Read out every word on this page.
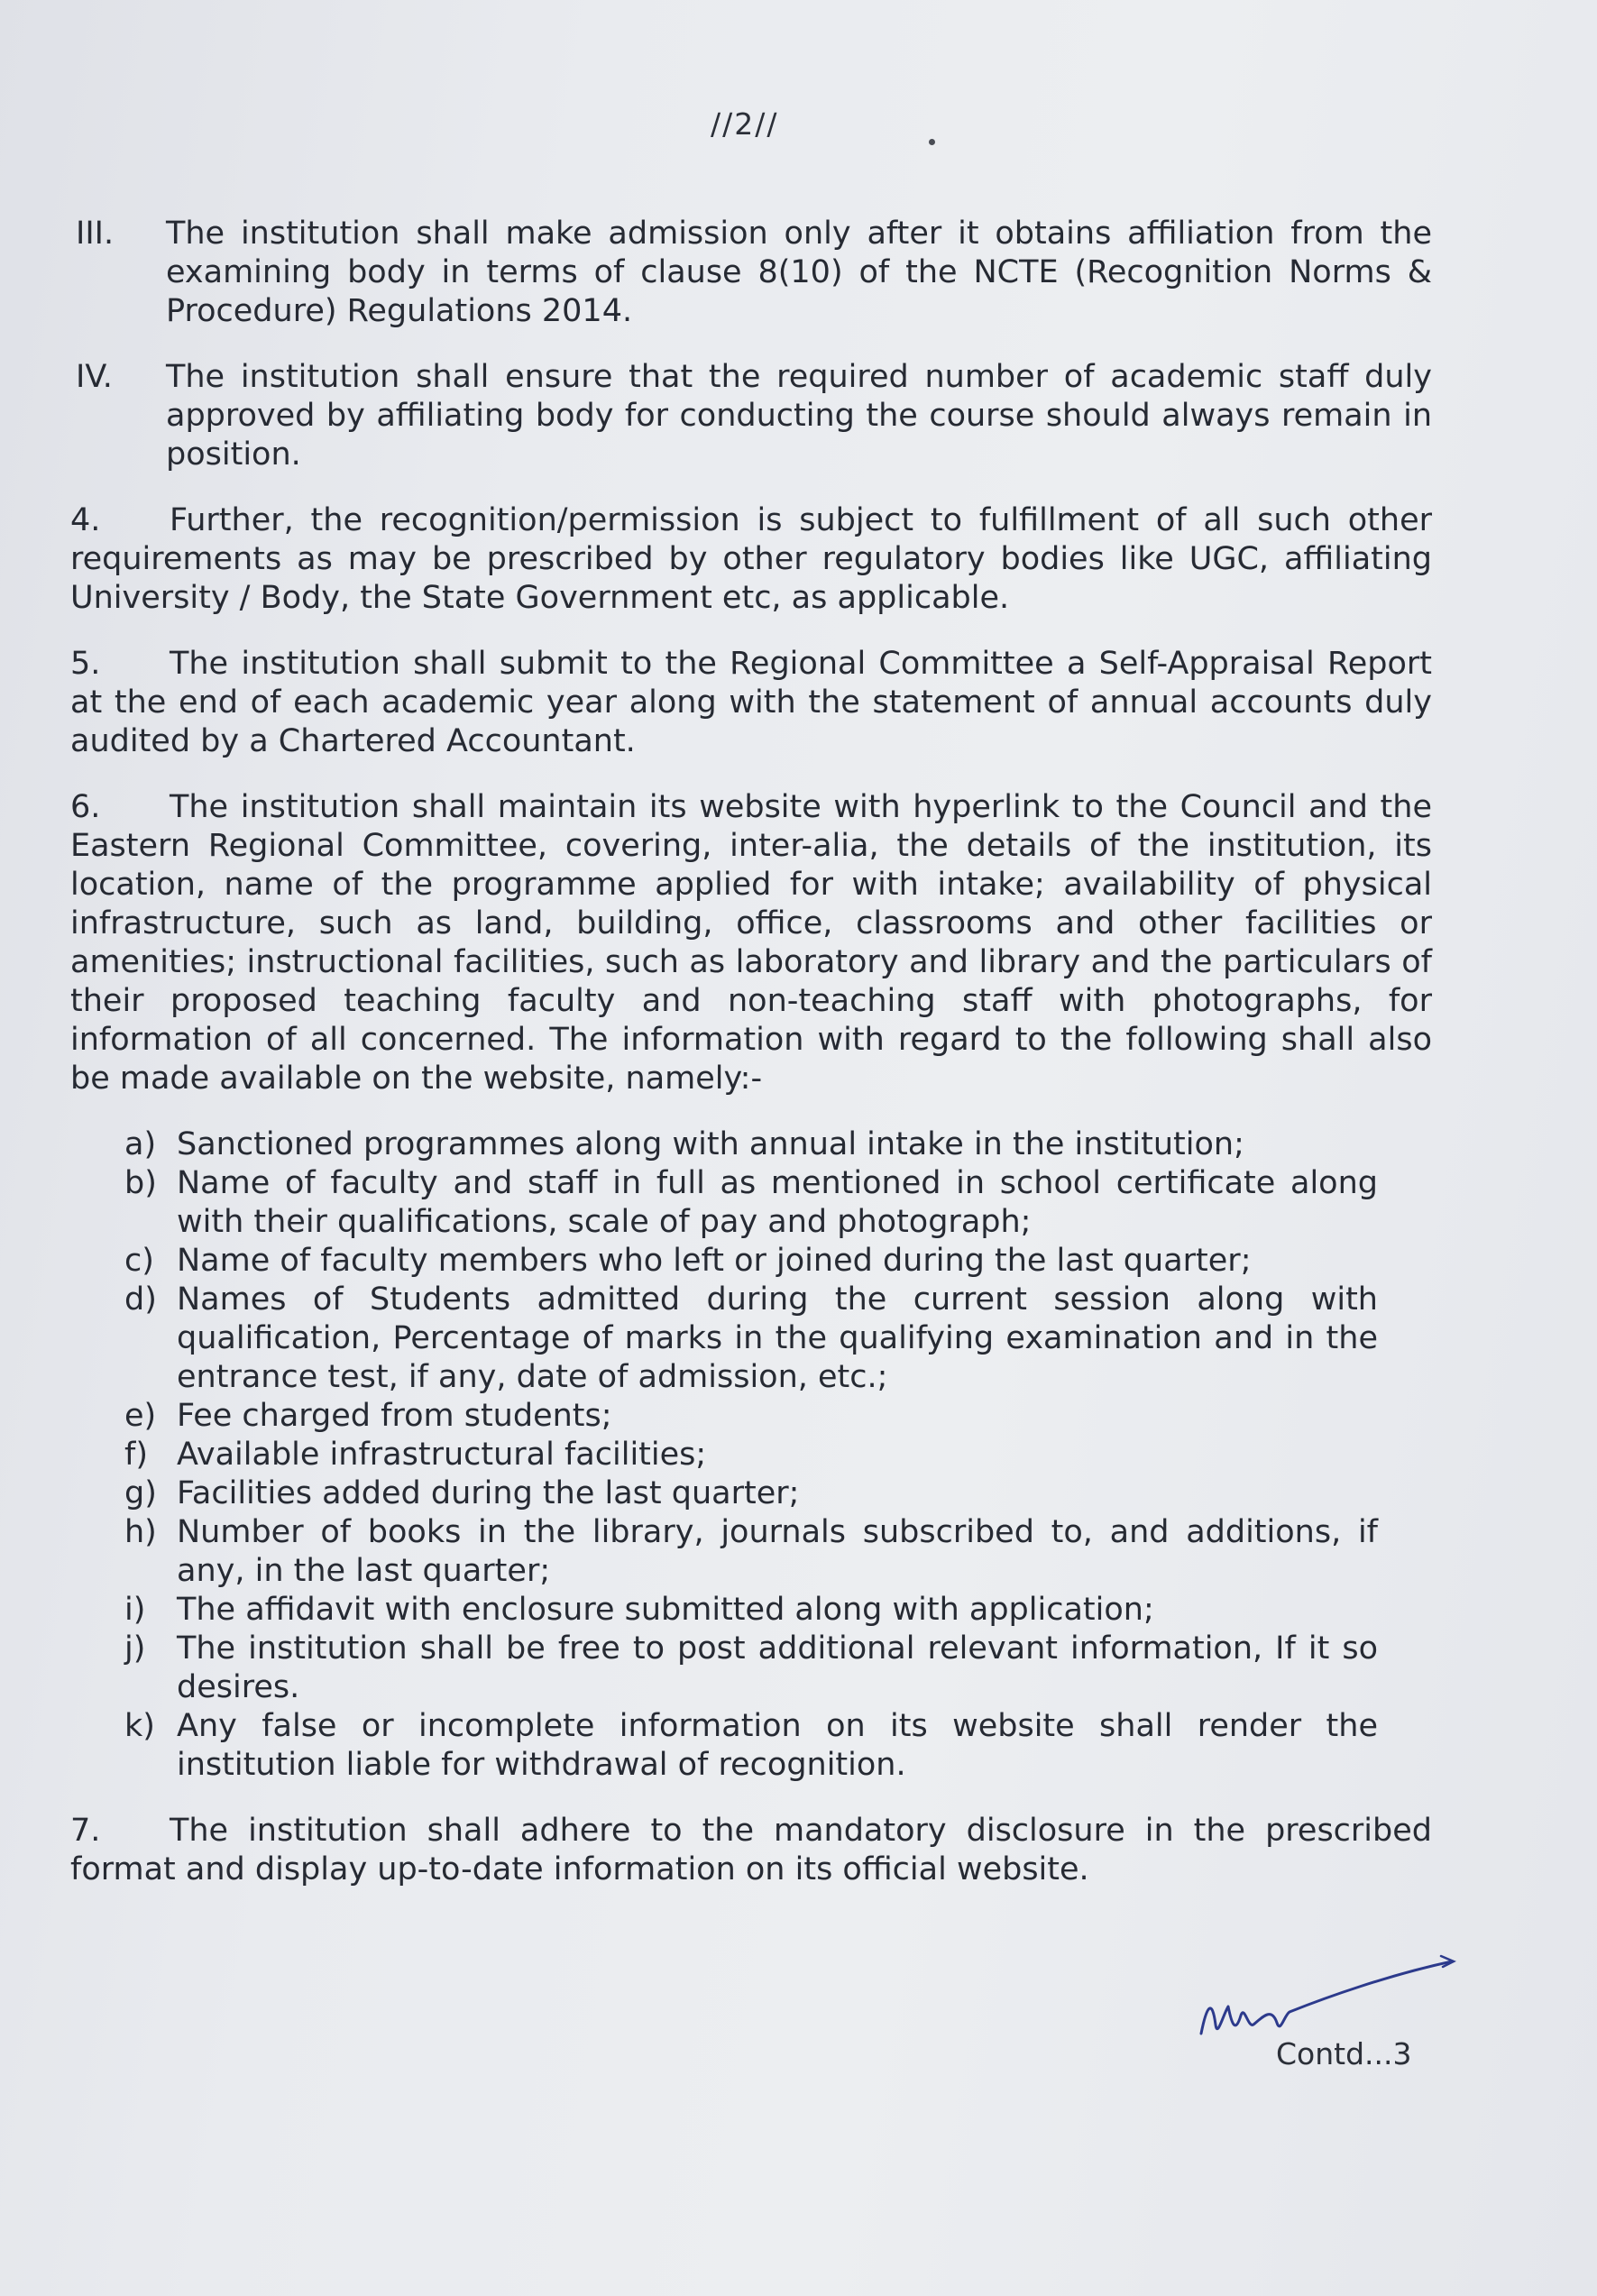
//2//
III.	The institution shall make admission only after it obtains affiliation from the examining body in terms of clause 8(10) of the NCTE (Recognition Norms & Procedure) Regulations 2014.
IV.	The institution shall ensure that the required number of academic staff duly approved by affiliating body for conducting the course should always remain in position.
4. Further, the recognition/permission is subject to fulfillment of all such other requirements as may be prescribed by other regulatory bodies like UGC, affiliating University / Body, the State Government etc, as applicable.
5. The institution shall submit to the Regional Committee a Self-Appraisal Report at the end of each academic year along with the statement of annual accounts duly audited by a Chartered Accountant.
6. The institution shall maintain its website with hyperlink to the Council and the Eastern Regional Committee, covering, inter-alia, the details of the institution, its location, name of the programme applied for with intake; availability of physical infrastructure, such as land, building, office, classrooms and other facilities or amenities; instructional facilities, such as laboratory and library and the particulars of their proposed teaching faculty and non-teaching staff with photographs, for information of all concerned. The information with regard to the following shall also be made available on the website, namely:-
a) Sanctioned programmes along with annual intake in the institution;
b) Name of faculty and staff in full as mentioned in school certificate along with their qualifications, scale of pay and photograph;
c) Name of faculty members who left or joined during the last quarter;
d) Names of Students admitted during the current session along with qualification, Percentage of marks in the qualifying examination and in the entrance test, if any, date of admission, etc.;
e) Fee charged from students;
f) Available infrastructural facilities;
g) Facilities added during the last quarter;
h) Number of books in the library, journals subscribed to, and additions, if any, in the last quarter;
i) The affidavit with enclosure submitted along with application;
j) The institution shall be free to post additional relevant information, If it so desires.
k) Any false or incomplete information on its website shall render the institution liable for withdrawal of recognition.
7. The institution shall adhere to the mandatory disclosure in the prescribed format and display up-to-date information on its official website.
Contd...3
